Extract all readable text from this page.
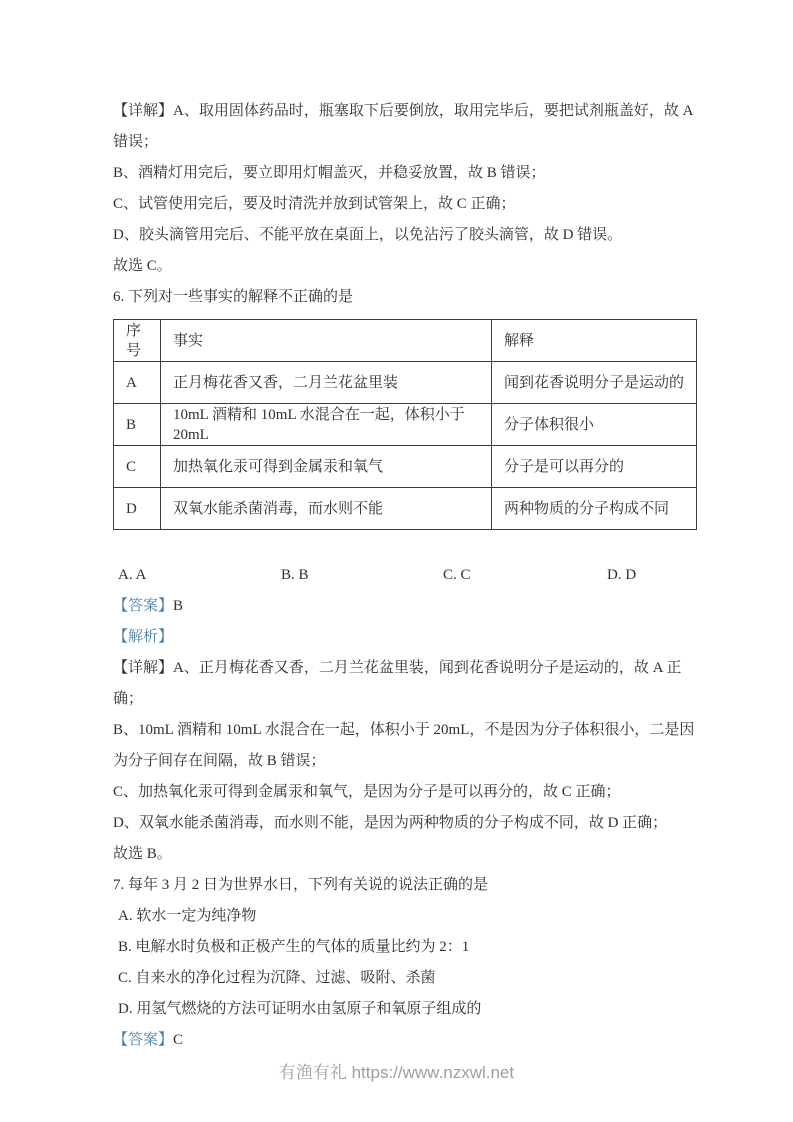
【详解】A、取用固体药品时，瓶塞取下后要倒放，取用完毕后，要把试剂瓶盖好，故 A 错误；

B、酒精灯用完后，要立即用灯帽盖灭，并稳妥放置，故 B 错误；

C、试管使用完后，要及时清洗并放到试管架上，故 C 正确；

D、胶头滴管用完后、不能平放在桌面上，以免沾污了胶头滴管，故 D 错误。

故选 C。

6. 下列对一些事实的解释不正确的是

序号	事实	解释
A	正月梅花香又香，二月兰花盆里装	闻到花香说明分子是运动的
B	10mL 酒精和 10mL 水混合在一起，体积小于 20mL	分子体积很小
C	加热氧化汞可得到金属汞和氧气	分子是可以再分的
D	双氧水能杀菌消毒，而水则不能	两种物质的分子构成不同

A. A	B. B	C. C	D. D

【答案】B

【解析】

【详解】A、正月梅花香又香，二月兰花盆里装，闻到花香说明分子是运动的，故 A 正确；

B、10mL 酒精和 10mL 水混合在一起，体积小于 20mL，不是因为分子体积很小，二是因为分子间存在间隔，故 B 错误；

C、加热氧化汞可得到金属汞和氧气，是因为分子是可以再分的，故 C 正确；

D、双氧水能杀菌消毒，而水则不能，是因为两种物质的分子构成不同，故 D 正确；

故选 B。

7. 每年 3 月 2 日为世界水日，下列有关说的说法正确的是

A. 软水一定为纯净物

B. 电解水时负极和正极产生的气体的质量比约为 2：1

C. 自来水的净化过程为沉降、过滤、吸附、杀菌

D. 用氢气燃烧的方法可证明水由氢原子和氧原子组成的

【答案】C

有渔有礼 https://www.nzxwl.net
